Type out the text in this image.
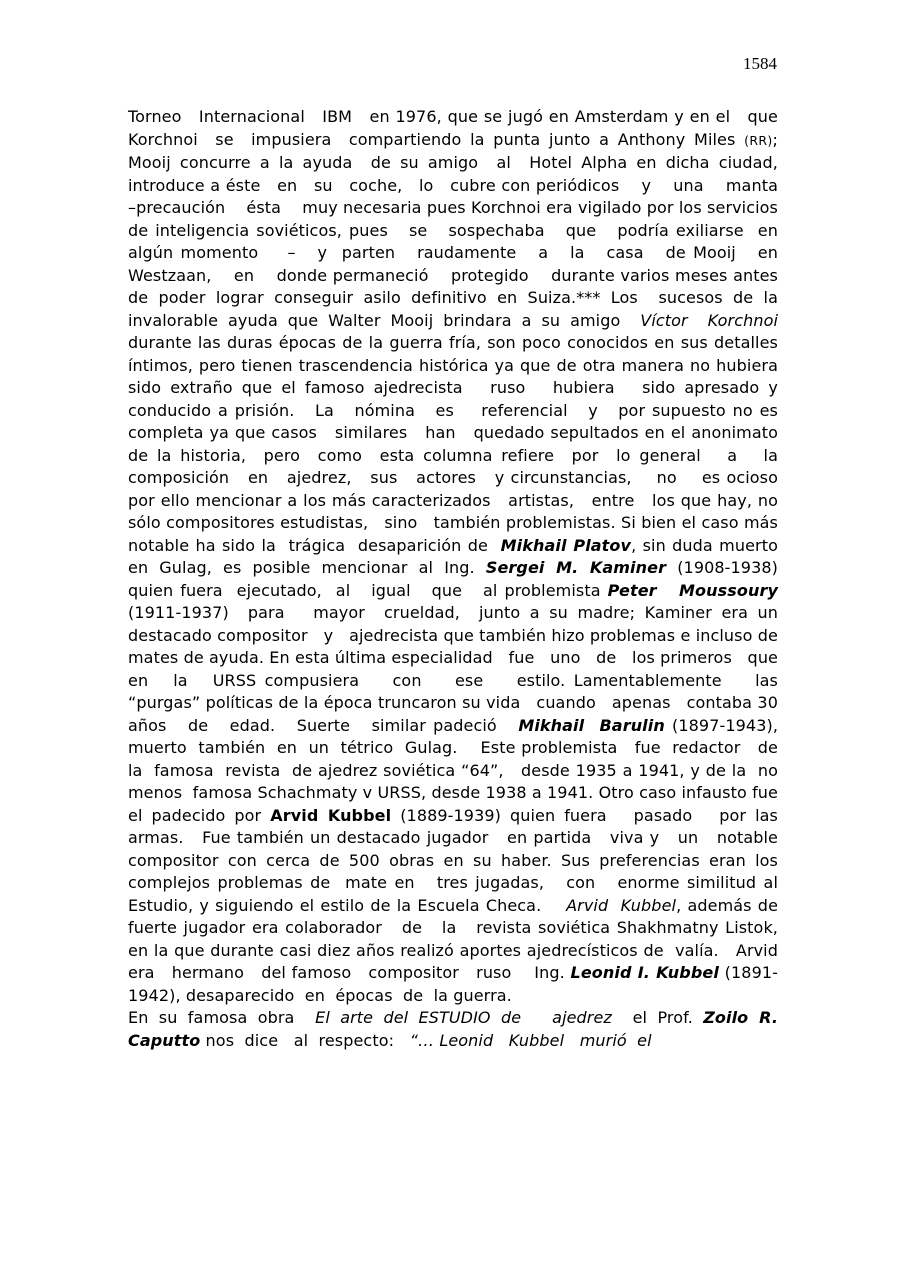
1584

Torneo   Internacional   IBM   en 1976, que se jugó en Amsterdam y en el   que   Korchnoi  se  impusiera  compartiendo la punta junto a Anthony Miles (RR); Mooij concurre a la ayuda  de su amigo  al  Hotel Alpha en dicha ciudad, introduce a éste   en   su   coche,   lo   cubre con periódicos    y    una    manta     –precaución    ésta    muy necesaria pues Korchnoi era vigilado por los servicios de inteligencia soviéticos, pues   se   sospechaba   que   podría exiliarse  en  algún momento    –   y  parten   raudamente   a   la   casa   de Mooij   en Westzaan,    en    donde permaneció    protegido    durante varios meses antes de poder lograr conseguir asilo definitivo en Suiza.*** Los  sucesos de la invalorable ayuda que Walter Mooij brindara a su amigo  Víctor  Korchnoi  durante las duras épocas de la guerra fría, son poco conocidos en sus detalles íntimos, pero tienen trascendencia histórica ya que de otra manera no hubiera sido extraño que el famoso ajedrecista   ruso   hubiera   sido apresado y conducido a prisión.   La   nómina   es    referencial   y   por supuesto no es completa ya que casos   similares   han   quedado sepultados en el anonimato de la historia,  pero  como  esta columna refiere  por  lo general   a   la composición   en   ajedrez,   sus   actores   y circunstancias,    no    es ocioso por ello mencionar a los más caracterizados   artistas,   entre   los que hay, no sólo compositores estudistas,   sino   también problemistas. Si bien el caso más notable ha sido la  trágica  desaparición de  Mikhail Platov, sin duda muerto en Gulag, es posible mencionar al Ing. Sergei M. Kaminer (1908-1938)   quien fuera  ejecutado,  al   igual   que   al problemista Peter   Moussoury (1911-1937)  para   mayor  crueldad,  junto a su madre; Kaminer era un destacado compositor   y   ajedrecista que también hizo problemas e incluso de mates de ayuda. En esta última especialidad   fue   uno   de   los primeros   que   en   la   URSS compusiera    con    ese    estilo. Lamentablemente    las    “purgas” políticas de la época truncaron su vida   cuando   apenas   contaba 30 años   de   edad.   Suerte   similar padeció   Mikhail  Barulin (1897-1943),  muerto  también  en  un  tétrico  Gulag.    Este problemista   fue  redactor   de   la  famosa  revista  de ajedrez soviética “64”,   desde 1935 a 1941, y de la  no menos  famosa Schachmaty v URSS, desde 1938 a 1941. Otro caso infausto fue el padecido por Arvid Kubbel (1889-1939) quien fuera   pasado   por las armas.   Fue también un destacado jugador   en partida   viva y   un   notable compositor con cerca de 500 obras en su haber. Sus preferencias eran los   complejos problemas de  mate en   tres jugadas,   con   enorme similitud al Estudio, y siguiendo el estilo de la Escuela Checa.    Arvid  Kubbel, además de fuerte jugador era colaborador   de   la   revista soviética Shakhmatny Listok, en la que durante casi diez años realizó aportes ajedrecísticos de  valía.   Arvid era   hermano   del famoso   compositor   ruso    Ing. Leonid I. Kubbel (1891-1942), desaparecido  en  épocas  de  la guerra.

En su famosa obra  El arte del ESTUDIO de   ajedrez  el Prof. Zoilo R.   Caputto nos  dice   al  respecto:   “… Leonid   Kubbel   murió  el
